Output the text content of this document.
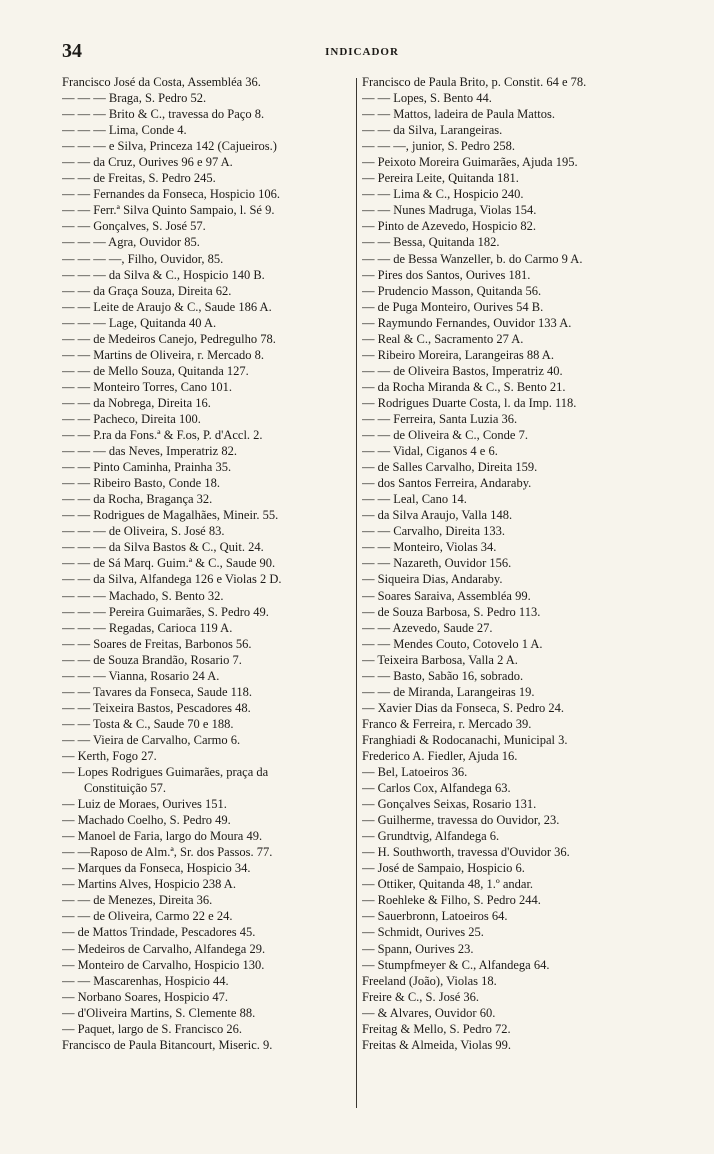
34	INDICADOR
Francisco José da Costa, Assembléa 36.
— — — Braga, S. Pedro 52.
— — — Brito & C., travessa do Paço 8.
— — — Lima, Conde 4.
— — — e Silva, Princeza 142 (Cajueiros.)
— — da Cruz, Ourives 96 e 97 A.
— — de Freitas, S. Pedro 245.
— — Fernandes da Fonseca, Hospicio 106.
— — Ferr.ª Silva Quinto Sampaio, l. Sé 9.
— — Gonçalves, S. José 57.
— — — Agra, Ouvidor 85.
— — — —, Filho, Ouvidor, 85.
— — — da Silva & C., Hospicio 140 B.
— — da Graça Souza, Direita 62.
— — Leite de Araujo & C., Saude 186 A.
— — — Lage, Quitanda 40 A.
— — de Medeiros Canejo, Pedregulho 78.
— — Martins de Oliveira, r. Mercado 8.
— — de Mello Souza, Quitanda 127.
— — Monteiro Torres, Cano 101.
— — da Nobrega, Direita 16.
— — Pacheco, Direita 100.
— — P.ra da Fons.ª & F.os, P. d'Accl. 2.
— — — das Neves, Imperatriz 82.
— — Pinto Caminha, Prainha 35.
— — Ribeiro Basto, Conde 18.
— — da Rocha, Bragança 32.
— — Rodrigues de Magalhães, Mineir. 55.
— — — de Oliveira, S. José 83.
— — — da Silva Bastos & C., Quit. 24.
— — de Sá Marq. Guim.ª & C., Saude 90.
— — da Silva, Alfandega 126 e Violas 2 D.
— — — Machado, S. Bento 32.
— — — Pereira Guimarães, S. Pedro 49.
— — — Regadas, Carioca 119 A.
— — Soares de Freitas, Barbonos 56.
— — de Souza Brandão, Rosario 7.
— — — Vianna, Rosario 24 A.
— — Tavares da Fonseca, Saude 118.
— — Teixeira Bastos, Pescadores 48.
— — Tosta & C., Saude 70 e 188.
— — Vieira de Carvalho, Carmo 6.
— Kerth, Fogo 27.
— Lopes Rodrigues Guimarães, praça da
Constituição 57.
— Luiz de Moraes, Ourives 151.
— Machado Coelho, S. Pedro 49.
— Manoel de Faria, largo do Moura 49.
— —Raposo de Alm.ª, Sr. dos Passos. 77.
— Marques da Fonseca, Hospicio 34.
— Martins Alves, Hospicio 238 A.
— — de Menezes, Direita 36.
— — de Oliveira, Carmo 22 e 24.
— de Mattos Trindade, Pescadores 45.
— Medeiros de Carvalho, Alfandega 29.
— Monteiro de Carvalho, Hospicio 130.
— — Mascarenhas, Hospicio 44.
— Norbano Soares, Hospicio 47.
— d'Oliveira Martins, S. Clemente 88.
— Paquet, largo de S. Francisco 26.
Francisco de Paula Bitancourt, Miseric. 9.
Francisco de Paula Brito, p. Constit. 64 e 78.
— — Lopes, S. Bento 44.
— — Mattos, ladeira de Paula Mattos.
— — da Silva, Larangeiras.
— — —, junior, S. Pedro 258.
— Peixoto Moreira Guimarães, Ajuda 195.
— Pereira Leite, Quitanda 181.
— — Lima & C., Hospicio 240.
— — Nunes Madruga, Violas 154.
— Pinto de Azevedo, Hospicio 82.
— — Bessa, Quitanda 182.
— — de Bessa Wanzeller, b. do Carmo 9 A.
— Pires dos Santos, Ourives 181.
— Prudencio Masson, Quitanda 56.
— de Puga Monteiro, Ourives 54 B.
— Raymundo Fernandes, Ouvidor 133 A.
— Real & C., Sacramento 27 A.
— Ribeiro Moreira, Larangeiras 88 A.
— — de Oliveira Bastos, Imperatriz 40.
— da Rocha Miranda & C., S. Bento 21.
— Rodrigues Duarte Costa, l. da Imp. 118.
— — Ferreira, Santa Luzia 36.
— — de Oliveira & C., Conde 7.
— — Vidal, Ciganos 4 e 6.
— de Salles Carvalho, Direita 159.
— dos Santos Ferreira, Andaraby.
— — Leal, Cano 14.
— da Silva Araujo, Valla 148.
— — Carvalho, Direita 133.
— — Monteiro, Violas 34.
— — Nazareth, Ouvidor 156.
— Siqueira Dias, Andaraby.
— Soares Saraiva, Assembléa 99.
— de Souza Barbosa, S. Pedro 113.
— — Azevedo, Saude 27.
— — Mendes Couto, Cotovelo 1 A.
— Teixeira Barbosa, Valla 2 A.
— — Basto, Sabão 16, sobrado.
— — de Miranda, Larangeiras 19.
— Xavier Dias da Fonseca, S. Pedro 24.
Franco & Ferreira, r. Mercado 39.
Franghiadi & Rodocanachi, Municipal 3.
Frederico A. Fiedler, Ajuda 16.
— Bel, Latoeiros 36.
— Carlos Cox, Alfandega 63.
— Gonçalves Seixas, Rosario 131.
— Guilherme, travessa do Ouvidor, 23.
— Grundtvig, Alfandega 6.
— H. Southworth, travessa d'Ouvidor 36.
— José de Sampaio, Hospicio 6.
— Ottiker, Quitanda 48, 1.º andar.
— Roehleke & Filho, S. Pedro 244.
— Sauerbronn, Latoeiros 64.
— Schmidt, Ourives 25.
— Spann, Ourives 23.
— Stumpfmeyer & C., Alfandega 64.
Freeland (João), Violas 18.
Freire & C., S. José 36.
— & Alvares, Ouvidor 60.
Freitag & Mello, S. Pedro 72.
Freitas & Almeida, Violas 99.
